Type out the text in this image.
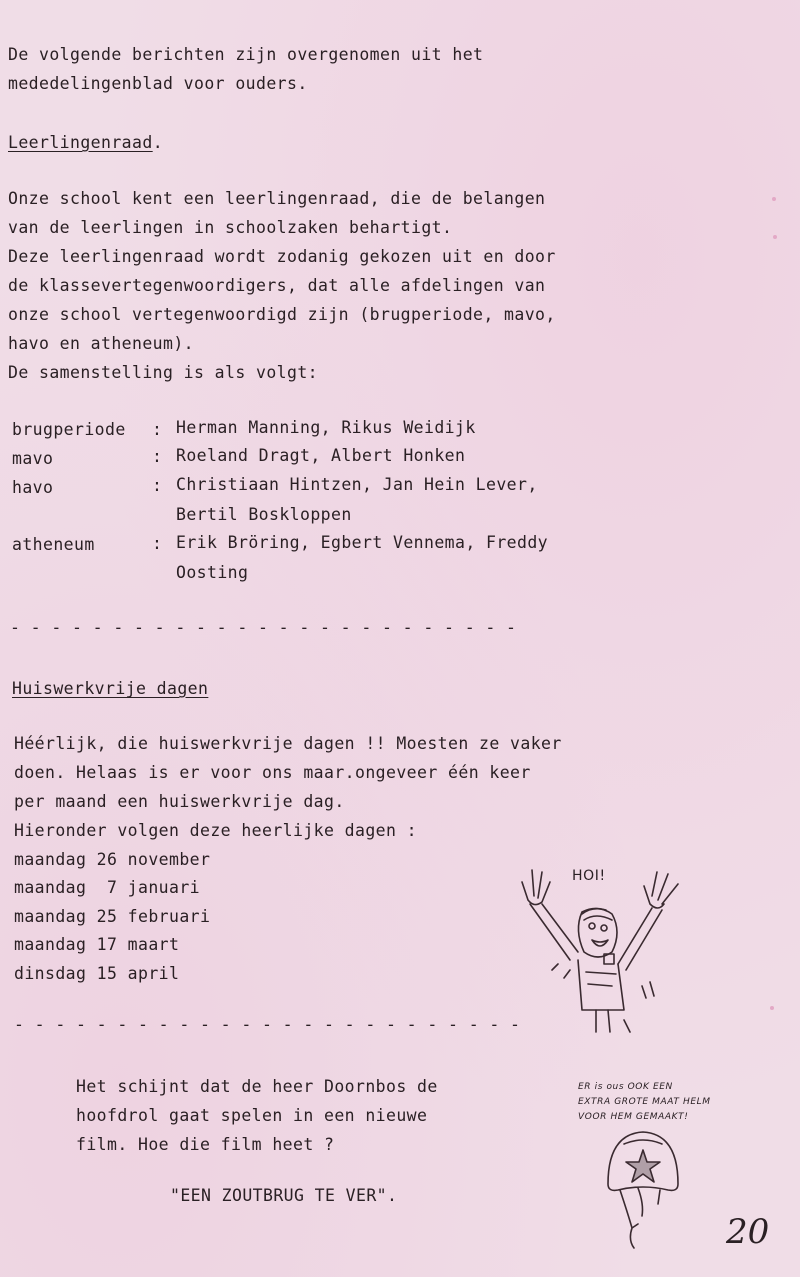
De volgende berichten zijn overgenomen uit het
mededelingenblad voor ouders.
Leerlingenraad.
Onze school kent een leerlingenraad, die de belangen
van de leerlingen in schoolzaken behartigt.
Deze leerlingenraad wordt zodanig gekozen uit en door
de klassevertegenwoordigers, dat alle afdelingen van
onze school vertegenwoordigd zijn (brugperiode, mavo,
havo en atheneum).
De samenstelling is als volgt:
brugperiode : Herman Manning, Rikus Weidijk
mavo	: Roeland Dragt, Albert Honken
havo	: Christiaan Hintzen, Jan Hein Lever,
Bertil Boskloppen
atheneum	: Erik Bröring, Egbert Vennema, Freddy
Oosting
- - - - - - - - - - - - - - - - - - - - - - - - -
Huiswerkvrije dagen
Héérlijk, die huiswerkvrije dagen !! Moesten ze vaker
doen. Helaas is er voor ons maar.ongeveer één keer
per maand een huiswerkvrije dag.
Hieronder volgen deze heerlijke dagen :
maandag 26 november
maandag  7 januari
maandag 25 februari
maandag 17 maart
dinsdag 15 april
HOI!
- - - - - - - - - - - - - - - - - - - - - - - - -
Het schijnt dat de heer Doornbos de
hoofdrol gaat spelen in een nieuwe
film. Hoe die film heet ?
"EEN ZOUTBRUG TE VER".
ER is ous OOK EEN
EXTRA GROTE MAAT HELM
VOOR HEM GEMAAKT!
20
